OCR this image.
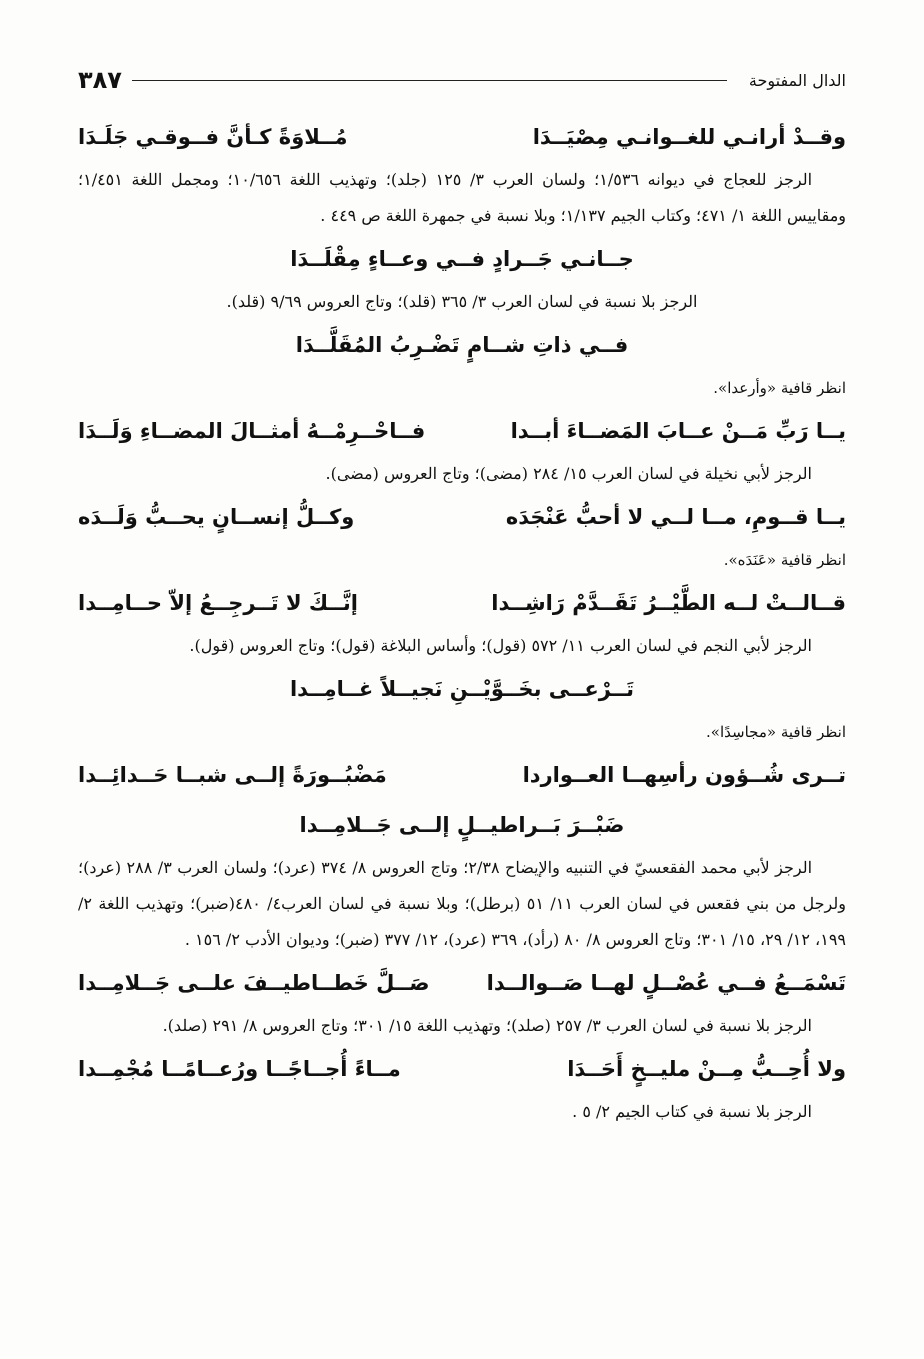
الدال المفتوحة
٣٨٧
وقــدْ أرانـي للغــوانـي مِصْيَــدَا
مُــلاوَةً كـأنَّ فــوقـي جَلَـدَا
الرجز للعجاج في ديوانه ١/٥٣٦؛ ولسان العرب ٣/ ١٢٥ (جلد)؛ وتهذيب اللغة ١٠/٦٥٦؛ ومجمل اللغة ١/٤٥١؛ ومقاييس اللغة ١/ ٤٧١؛ وكتاب الجيم ١/١٣٧؛ وبلا نسبة في جمهرة اللغة ص ٤٤٩ .
جــانـي جَــرادٍ فــي وعــاءٍ مِقْلَــدَا
الرجز بلا نسبة في لسان العرب ٣/ ٣٦٥ (قلد)؛ وتاج العروس ٩/٦٩ (قلد).
فــي ذاتِ شــامٍ تَضْـرِبُ المُقَلَّــدَا
انظر قافية «وأرعدا».
يــا رَبِّ مَــنْ عــابَ المَضــاءَ أبــدا
فــاحْــرِمْــهُ أمثــالَ المضــاءِ وَلَــدَا
الرجز لأبي نخيلة في لسان العرب ١٥/ ٢٨٤ (مضى)؛ وتاج العروس (مضى).
يــا قــومِ، مــا لــي لا أحبُّ عَنْجَدَه
وكــلُّ إنســانٍ يحــبُّ وَلَــدَه
انظر قافية «عَنَدَه».
قــالــتْ لــه الطَّيْــرُ تَقَــدَّمْ رَاشِــدا
إنَّــكَ لا تَــرجِــعُ إلاّ حــامِــدا
الرجز لأبي النجم في لسان العرب ١١/ ٥٧٢ (قول)؛ وأساس البلاغة (قول)؛ وتاج العروس (قول).
تَــرْعــى بخَــوَّيْــنِ نَجيــلاً غــامِــدا
انظر قافية «مجاسِدًا».
تــرى شُــؤون رأسِهــا العــواردا
مَضْبُــورَةً إلــى شبــا حَــدائِــدا
ضَبْــرَ بَــراطيــلٍ إلــى جَــلامِــدا
الرجز لأبي محمد الفقعسيّ في التنبيه والإيضاح ٢/٣٨؛ وتاج العروس ٨/ ٣٧٤ (عرد)؛ ولسان العرب ٣/ ٢٨٨ (عرد)؛ ولرجل من بني فقعس في لسان العرب ١١/ ٥١ (برطل)؛ وبلا نسبة في لسان العرب٤/ ٤٨٠(ضبر)؛ وتهذيب اللغة ٢/ ١٩٩، ١٢/ ٢٩، ١٥/ ٣٠١؛ وتاج العروس ٨/ ٨٠ (رأد)، ٣٦٩ (عرد)، ١٢/ ٣٧٧ (ضبر)؛ وديوان الأدب ٢/ ١٥٦ .
تَسْمَــعُ فــي عُصْــلٍ لهــا صَــوالــدا
صَــلَّ خَطــاطيــفَ علــى جَــلامِــدا
الرجز بلا نسبة في لسان العرب ٣/ ٢٥٧ (صلد)؛ وتهذيب اللغة ١٥/ ٣٠١؛ وتاج العروس ٨/ ٢٩١ (صلد).
ولا أُحِــبُّ مِــنْ مليــخٍ أَحَــدَا
مــاءً أُجــاجًــا ورُعــامًــا مُجْمِــدا
الرجز بلا نسبة في كتاب الجيم ٢/ ٥ .
